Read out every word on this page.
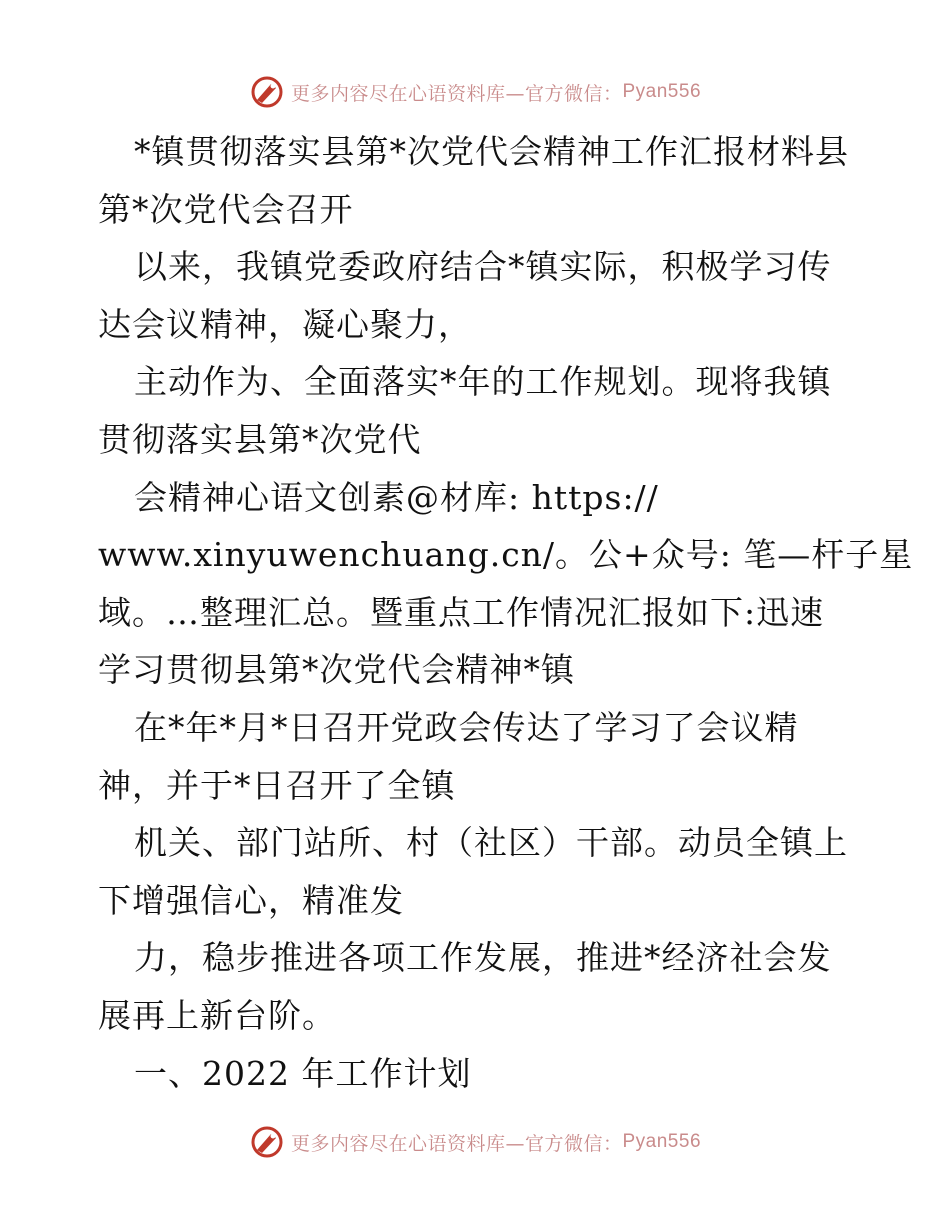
更多内容尽在心语资料库— 官方微信： Pyan556
*镇贯彻落实县第*次党代会精神工作汇报材料县
第*次党代会召开
以来，我镇党委政府结合*镇实际，积极学习传
达会议精神，凝心聚力，
主动作为、全面落实*年的工作规划。现将我镇
贯彻落实县第*次党代
会精神心语文创素@材库: https://
www.xinyuwenchuang.cn/。公+众号: 笔—杆子星
域。…整理汇总。暨重点工作情况汇报如下:迅速
学习贯彻县第*次党代会精神*镇
在*年*月*日召开党政会传达了学习了会议精
神，并于*日召开了全镇
机关、部门站所、村（社区）干部。动员全镇上
下增强信心，精准发
力，稳步推进各项工作发展，推进*经济社会发
展再上新台阶。
一、2022 年工作计划
更多内容尽在心语资料库— 官方微信： Pyan556
